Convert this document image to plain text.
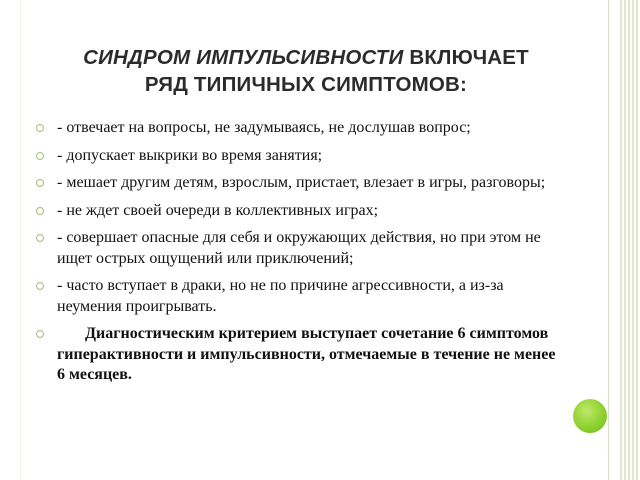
СИНДРОМ ИМПУЛЬСИВНОСТИ ВКЛЮЧАЕТ
РЯД ТИПИЧНЫХ СИМПТОМОВ:
- отвечает на вопросы, не задумываясь, не дослушав вопрос;
- допускает выкрики во время занятия;
- мешает другим детям, взрослым, пристает, влезает в игры, разговоры;
- не ждет своей очереди в коллективных играх;
- совершает опасные для себя и окружающих действия, но при этом не ищет острых ощущений или приключений;
- часто вступает в драки, но не по причине агрессивности, а из-за неумения проигрывать.
Диагностическим критерием выступает сочетание 6 симптомов гиперактивности и импульсивности, отмечаемые в течение не менее 6 месяцев.
